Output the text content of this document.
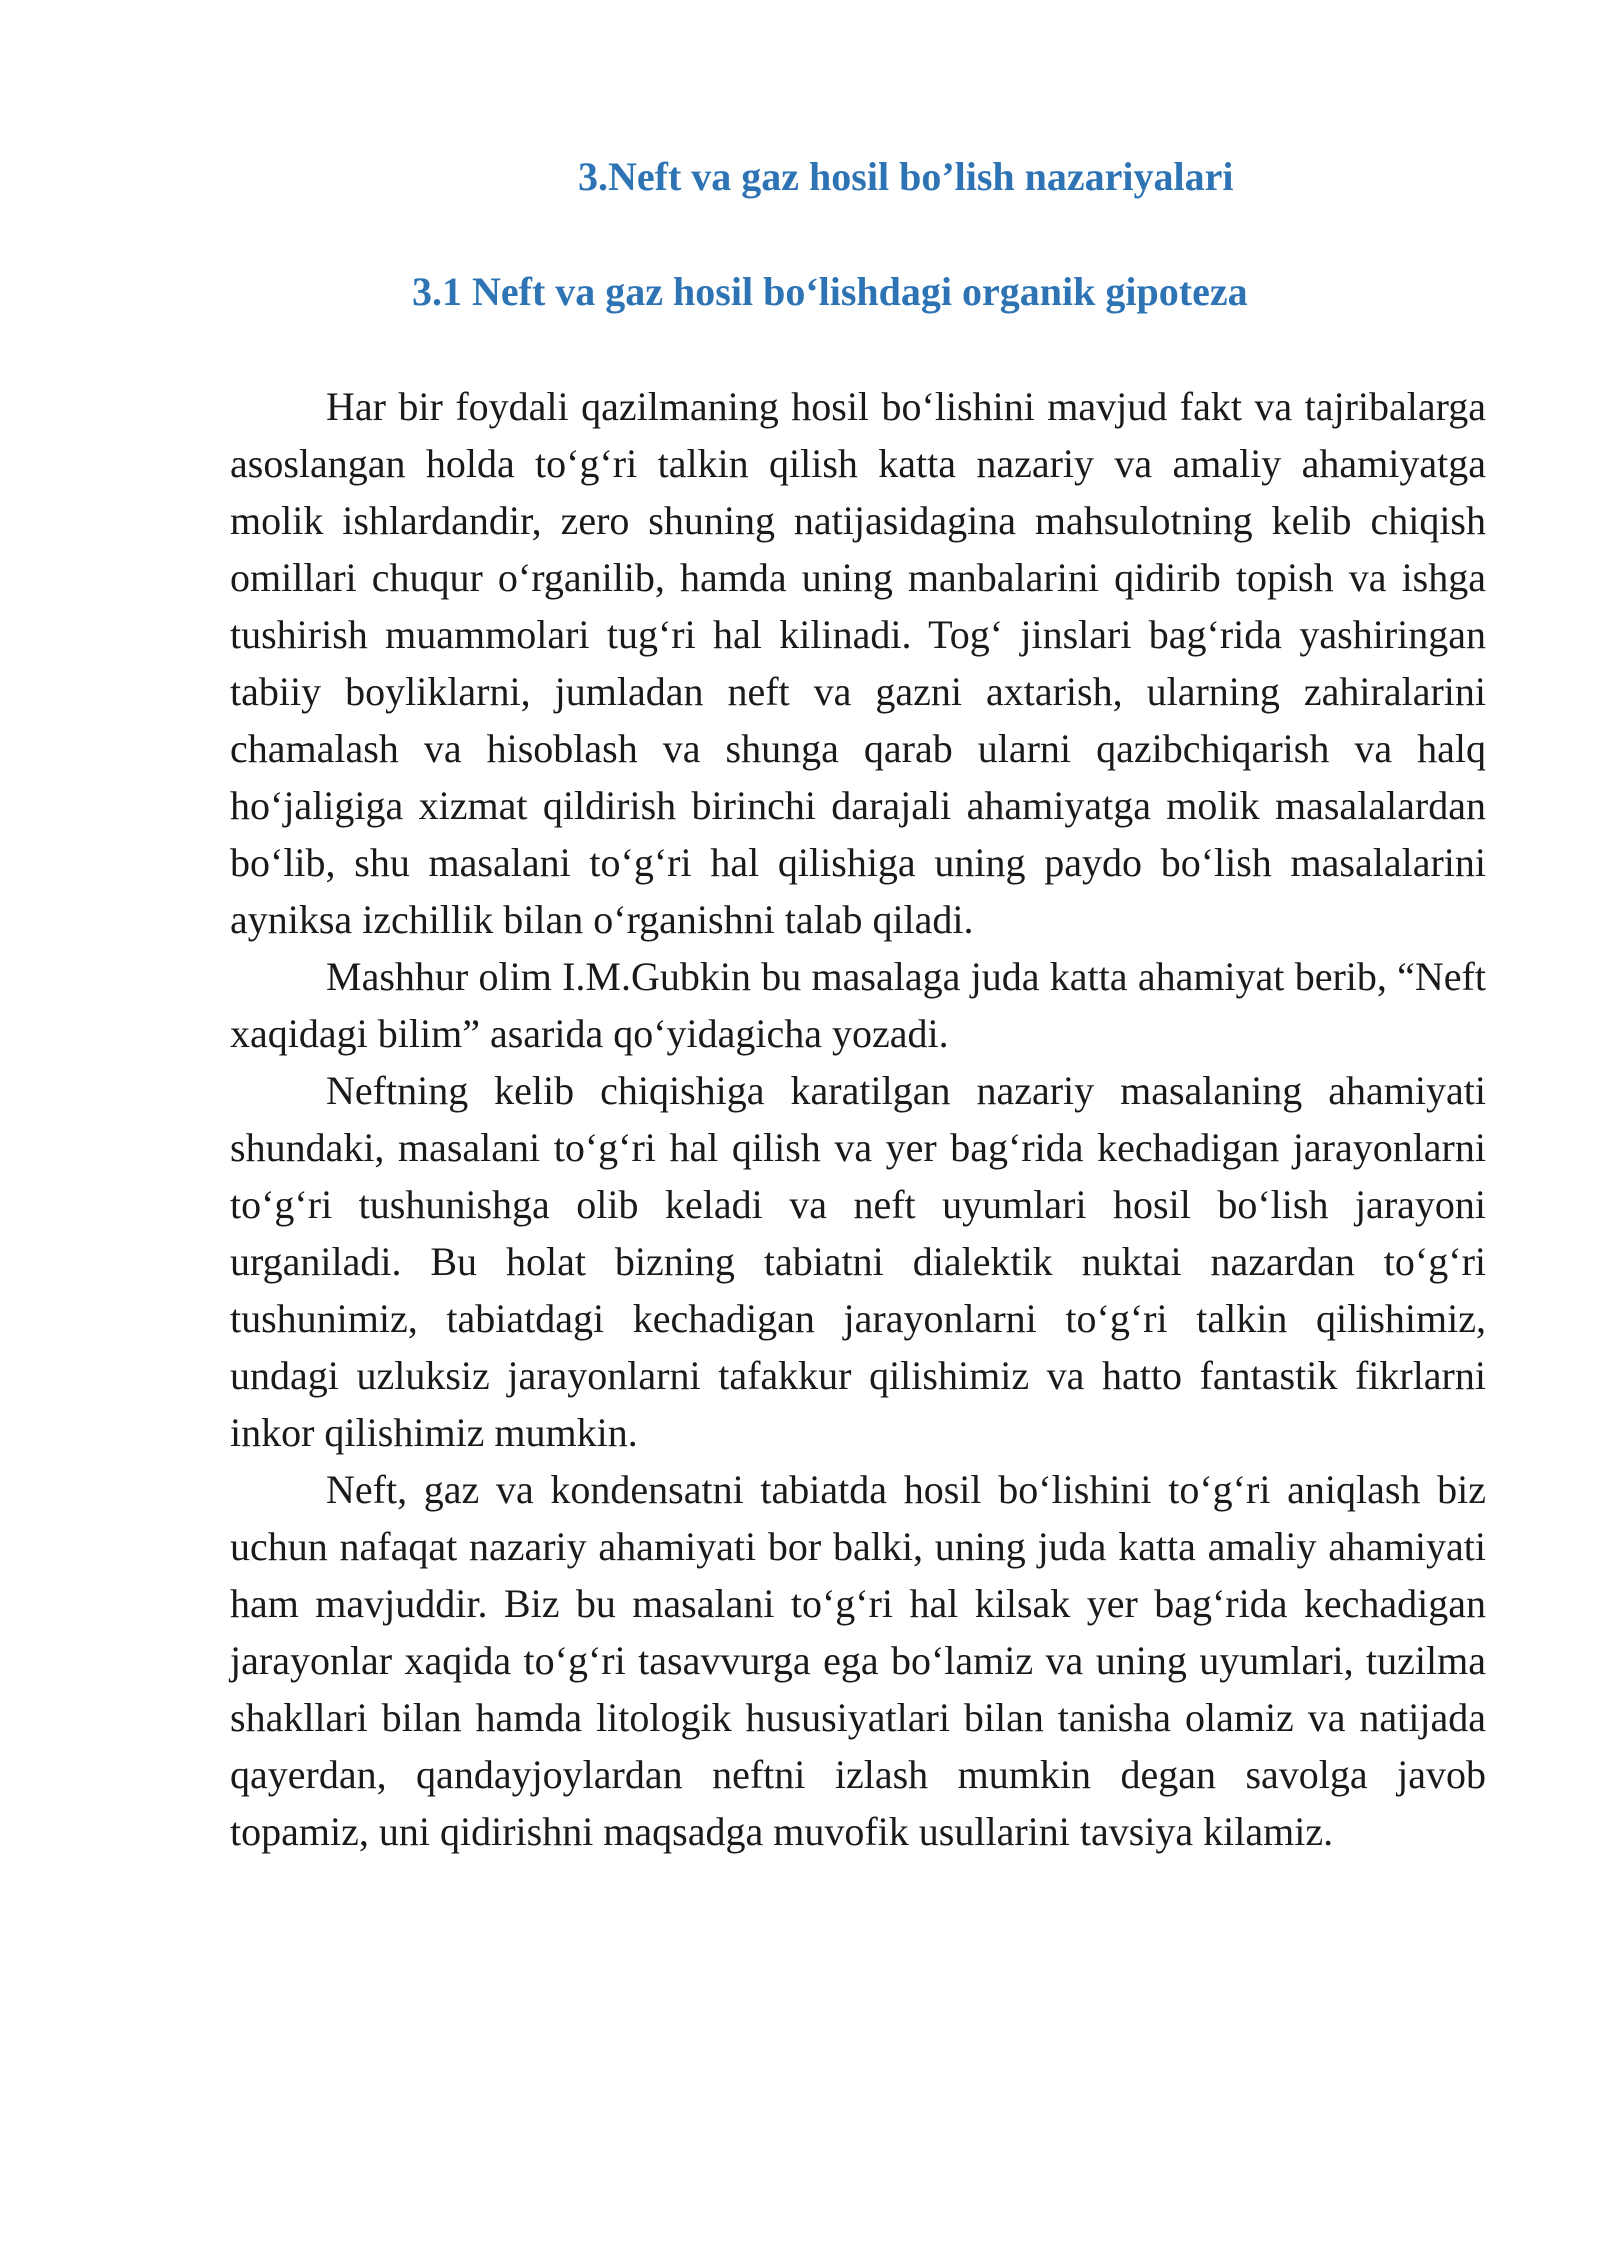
3.Neft va gaz hosil bo’lish nazariyalari
3.1 Neft va gaz hosil bo‘lishdagi organik gipoteza

Har bir foydali qazilmaning hosil bo‘lishini mavjud fakt va tajribalarga asoslangan holda to‘g‘ri talkin qilish katta nazariy va amaliy ahamiyatga molik ishlardandir, zero shuning natijasidagina mahsulotning kelib chiqish omillari chuqur o‘rganilib, hamda uning manbalarini qidirib topish va ishga tushirish muammolari tug‘ri hal kilinadi. Tog‘ jinslari bag‘rida yashiringan tabiiy boyliklarni, jumladan neft va gazni axtarish, ularning zahiralarini chamalash va hisoblash va shunga qarab ularni qazibchiqarish va halq ho‘jaligiga xizmat qildirish birinchi darajali ahamiyatga molik masalalardan bo‘lib, shu masalani to‘g‘ri hal qilishiga uning paydo bo‘lish masalalarini ayniksa izchillik bilan o‘rganishni talab qiladi.

Mashhur olim I.M.Gubkin bu masalaga juda katta ahamiyat berib, “Neft xaqidagi bilim” asarida qo‘yidagicha yozadi.

Neftning kelib chiqishiga karatilgan nazariy masalaning ahamiyati shundaki, masalani to‘g‘ri hal qilish va yer bag‘rida kechadigan jarayonlarni to‘g‘ri tushunishga olib keladi va neft uyumlari hosil bo‘lish jarayoni urganiladi. Bu holat bizning tabiatni dialektik nuktai nazardan to‘g‘ri tushunimiz, tabiatdagi kechadigan jarayonlarni to‘g‘ri talkin qilishimiz, undagi uzluksiz jarayonlarni tafakkur qilishimiz va hatto fantastik fikrlarni inkor qilishimiz mumkin.

Neft, gaz va kondensatni tabiatda hosil bo‘lishini to‘g‘ri aniqlash biz uchun nafaqat nazariy ahamiyati bor balki, uning juda katta amaliy ahamiyati ham mavjuddir. Biz bu masalani to‘g‘ri hal kilsak yer bag‘rida kechadigan jarayonlar xaqida to‘g‘ri tasavvurga ega bo‘lamiz va uning uyumlari, tuzilma shakllari bilan hamda litologik hususiyatlari bilan tanisha olamiz va natijada qayerdan, qandayjoylardan neftni izlash mumkin degan savolga javob topamiz, uni qidirishni maqsadga muvofik usullarini tavsiya kilamiz.
